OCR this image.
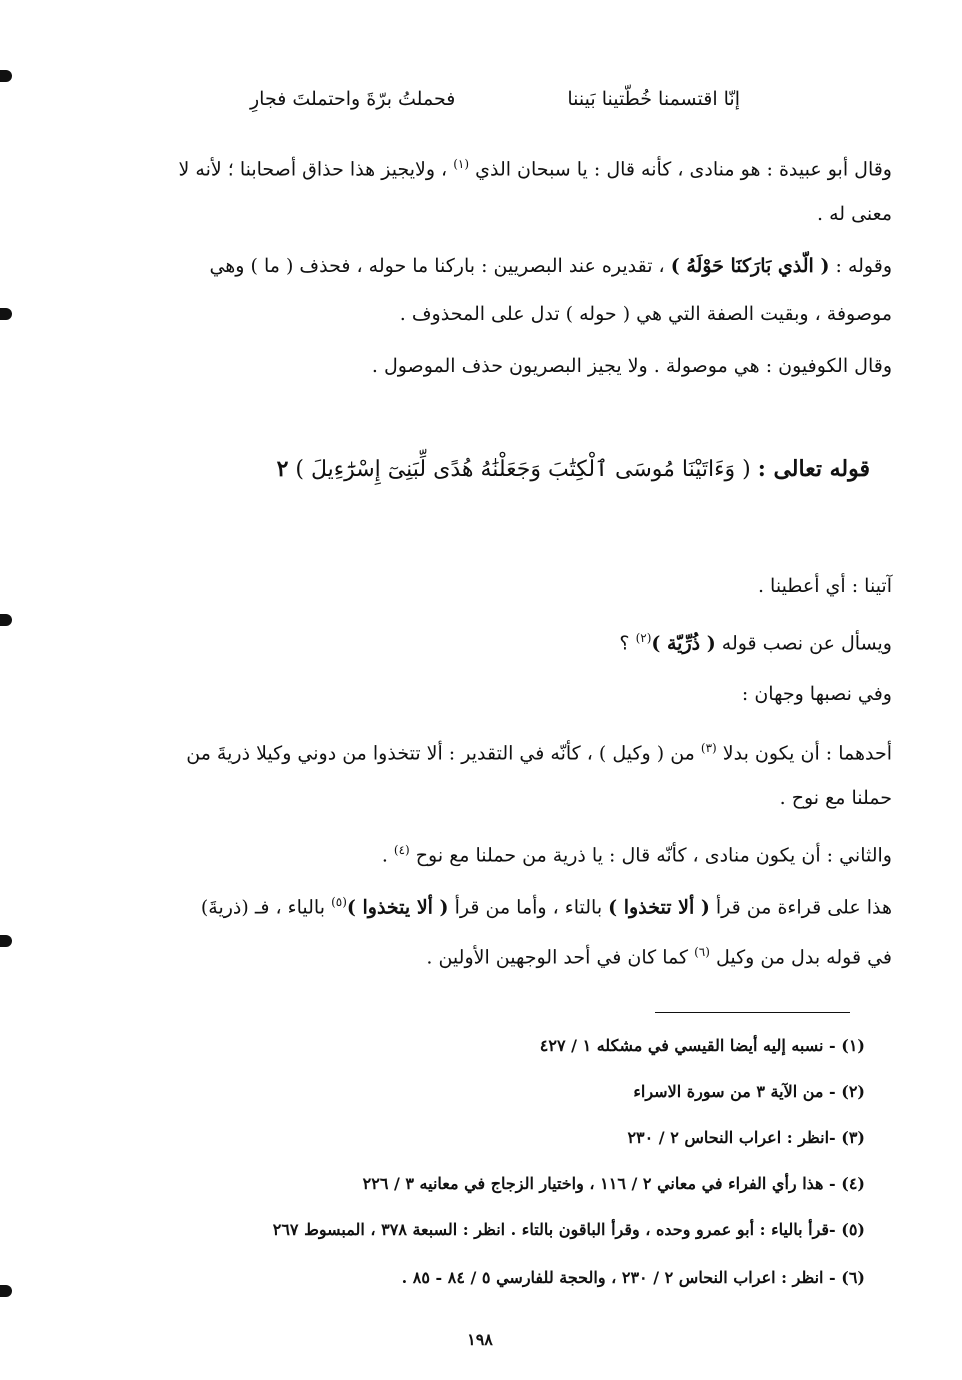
إنّا اقتسمنا خُطّتينا بَيننا
فحملتُ برّةَ واحتملتَ فجارِ
وقال أبو عبيدة : هو منادى ، كأنه قال : يا سبحان الذي $^{(١)}$ ، ولايجيز هذا حذاق أصحابنا ؛ لأنه لا
معنى له .
وقوله : ( الّذي بَارَكنَا حَوْلَهُ ) ، تقديره عند البصريين : باركنا ما حوله ، فحذف ( ما ) وهي
موصوفة ، وبقيت الصفة التي هي ( حوله ) تدل على المحذوف .
وقال الكوفيون : هي موصولة . ولا يجيز البصريون حذف الموصول .
قوله تعالى : ( وَءَاتَيْنَا مُوسَى ٱلْكِتَٰبَ وَجَعَلْنَٰهُ هُدًى لِّبَنِىٓ إِسْرَٰٓءِيلَ ) ٢
آتينا : أي أعطينا .
ويسأل عن نصب قوله ( ذُرِّيّة )$^{(٢)}$ ؟
وفي نصبها وجهان :
أحدهما : أن يكون بدلا $^{(٣)}$ من ( وكيل ) ، كأنّه في التقدير : ألا تتخذوا من دوني وكيلا ذريةَ من
حملنا مع نوح .
والثاني : أن يكون منادى ، كأنّه قال : يا ذرية من حملنا مع نوح $^{(٤)}$ .
هذا على قراءة من قرأ ( ألا تتخذوا ) بالتاء ، وأما من قرأ ( ألا يتخذوا )$^{(٥)}$ بالياء ، فـ (ذريةَ)
في قوله بدل من وكيل $^{(٦)}$ كما كان في أحد الوجهين الأولين .
(١) - نسبه إليه أيضا القيسي في مشكله ١ / ٤٢٧
(٢) - من الآية ٣ من سورة الاسراء
(٣) -انظر : اعراب النحاس ٢ / ٢٣٠
(٤) - هذا رأي الفراء في معاني ٢ / ١١٦ ، واختيار الزجاج في معانيه ٣ / ٢٢٦
(٥) -قرأ بالياء : أبو عمرو وحده ، وقرأ الباقون بالتاء . انظر : السبعة ٣٧٨ ، المبسوط ٢٦٧
(٦) - انظر : اعراب النحاس ٢ / ٢٣٠ ، والحجة للفارسي ٥ / ٨٤ - ٨٥ .
١٩٨
